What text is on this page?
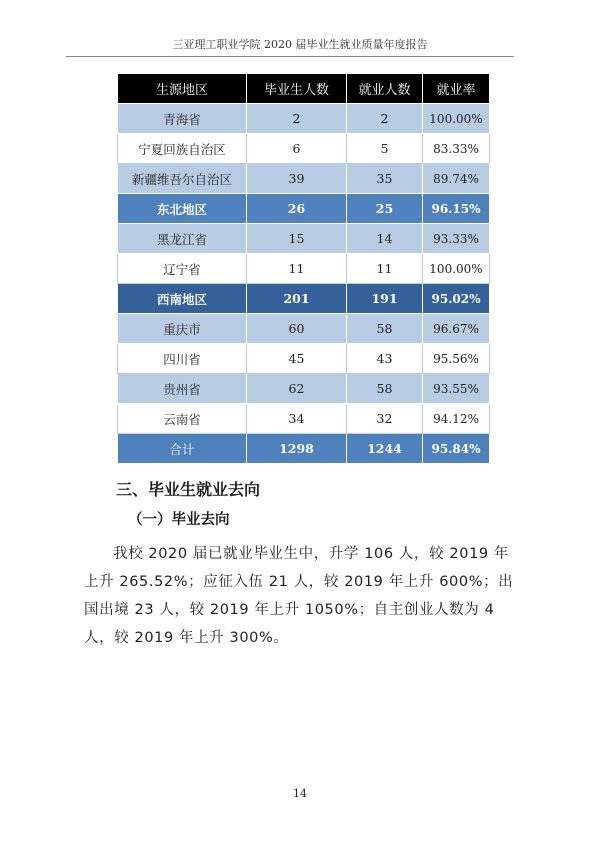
三亚理工职业学院 2020 届毕业生就业质量年度报告
生源地区	毕业生人数	就业人数	就业率
青海省	2	2	100.00%
宁夏回族自治区	6	5	83.33%
新疆维吾尔自治区	39	35	89.74%
东北地区	26	25	96.15%
黑龙江省	15	14	93.33%
辽宁省	11	11	100.00%
西南地区	201	191	95.02%
重庆市	60	58	96.67%
四川省	45	43	95.56%
贵州省	62	58	93.55%
云南省	34	32	94.12%
合计	1298	1244	95.84%
三、毕业生就业去向
（一）毕业去向
我校 2020 届已就业毕业生中，升学 106 人，较 2019 年上升 265.52%；应征入伍 21 人，较 2019 年上升 600%；出国出境 23 人，较 2019 年上升 1050%；自主创业人数为 4 人，较 2019 年上升 300%。
14
